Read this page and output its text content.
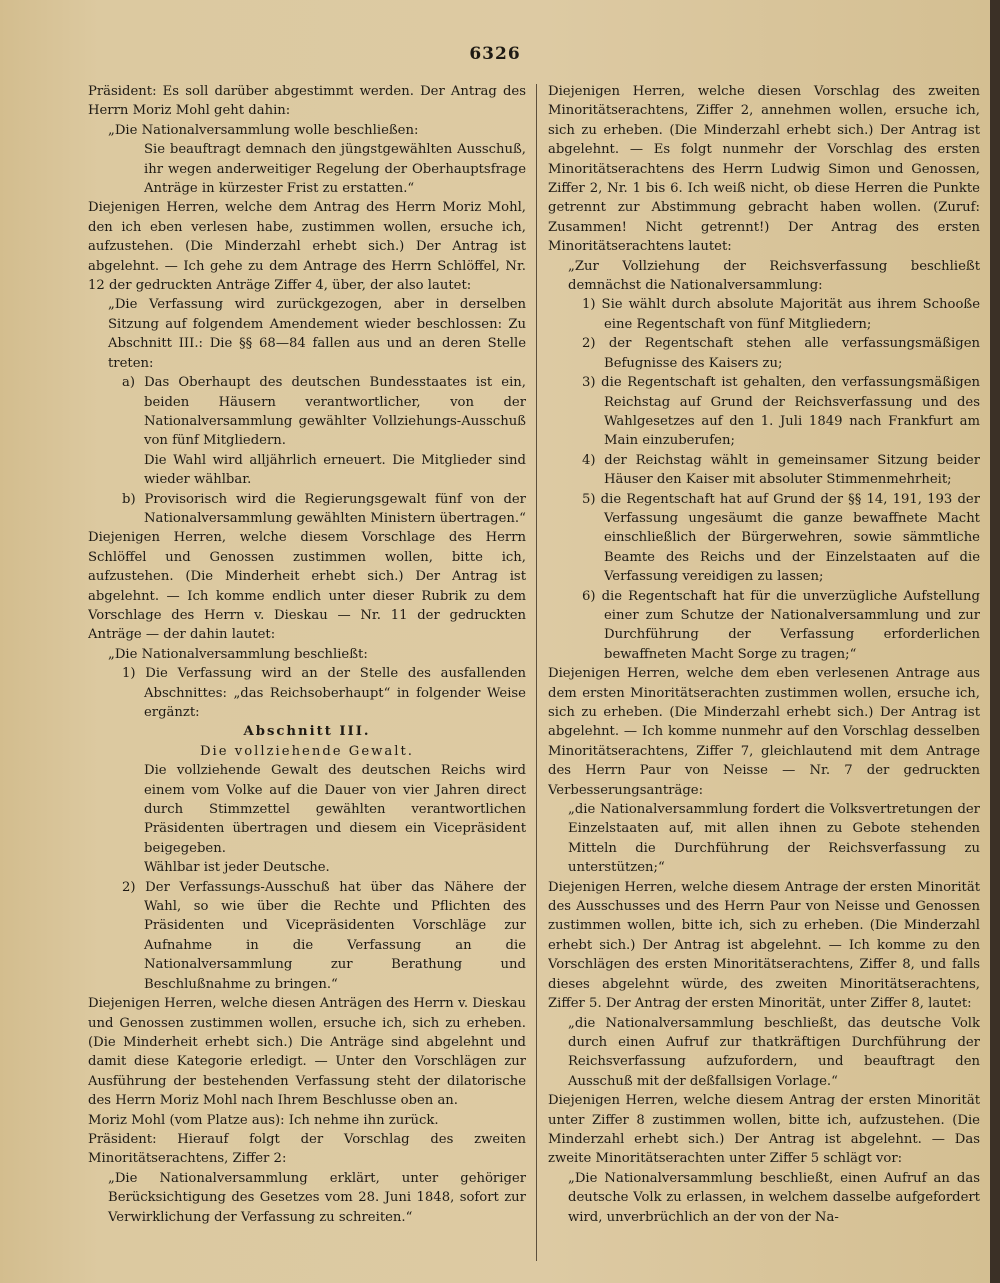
6326

Präsident: Es soll darüber abgestimmt werden. Der Antrag des Herrn Moriz Mohl geht dahin:

„Die Nationalversammlung wolle beschließen:

Sie beauftragt demnach den jüngstgewählten Ausschuß, ihr wegen anderweitiger Regelung der Oberhauptsfrage Anträge in kürzester Frist zu erstatten.“

Diejenigen Herren, welche dem Antrag des Herrn Moriz Mohl, den ich eben verlesen habe, zustimmen wollen, ersuche ich, aufzustehen. (Die Minderzahl erhebt sich.) Der Antrag ist abgelehnt. — Ich gehe zu dem Antrage des Herrn Schlöffel, Nr. 12 der gedruckten Anträge Ziffer 4, über, der also lautet:

„Die Verfassung wird zurückgezogen, aber in derselben Sitzung auf folgendem Amendement wieder beschlossen: Zu Abschnitt III.: Die §§ 68—84 fallen aus und an deren Stelle treten:

a) Das Oberhaupt des deutschen Bundesstaates ist ein, beiden Häusern verantwortlicher, von der Nationalversammlung gewählter Vollziehungs-Ausschuß von fünf Mitgliedern.

Die Wahl wird alljährlich erneuert. Die Mitglieder sind wieder wählbar.

b) Provisorisch wird die Regierungsgewalt fünf von der Nationalversammlung gewählten Ministern übertragen.“

Diejenigen Herren, welche diesem Vorschlage des Herrn Schlöffel und Genossen zustimmen wollen, bitte ich, aufzustehen. (Die Minderheit erhebt sich.) Der Antrag ist abgelehnt. — Ich komme endlich unter dieser Rubrik zu dem Vorschlage des Herrn v. Dieskau — Nr. 11 der gedruckten Anträge — der dahin lautet:

„Die Nationalversammlung beschließt:

1) Die Verfassung wird an der Stelle des ausfallenden Abschnittes: „das Reichsoberhaupt“ in folgender Weise ergänzt:

Abschnitt III.

Die vollziehende Gewalt.

Die vollziehende Gewalt des deutschen Reichs wird einem vom Volke auf die Dauer von vier Jahren direct durch Stimmzettel gewählten verantwortlichen Präsidenten übertragen und diesem ein Vicepräsident beigegeben.

Wählbar ist jeder Deutsche.

2) Der Verfassungs-Ausschuß hat über das Nähere der Wahl, so wie über die Rechte und Pflichten des Präsidenten und Vicepräsidenten Vorschläge zur Aufnahme in die Verfassung an die Nationalversammlung zur Berathung und Beschlußnahme zu bringen.“

Diejenigen Herren, welche diesen Anträgen des Herrn v. Dieskau und Genossen zustimmen wollen, ersuche ich, sich zu erheben. (Die Minderheit erhebt sich.) Die Anträge sind abgelehnt und damit diese Kategorie erledigt. — Unter den Vorschlägen zur Ausführung der bestehenden Verfassung steht der dilatorische des Herrn Moriz Mohl nach Ihrem Beschlusse oben an.

Moriz Mohl (vom Platze aus): Ich nehme ihn zurück.

Präsident: Hierauf folgt der Vorschlag des zweiten Minoritätserachtens, Ziffer 2:

„Die Nationalversammlung erklärt, unter gehöriger Berücksichtigung des Gesetzes vom 28. Juni 1848, sofort zur Verwirklichung der Verfassung zu schreiten.“

Diejenigen Herren, welche diesen Vorschlag des zweiten Minoritätserachtens, Ziffer 2, annehmen wollen, ersuche ich, sich zu erheben. (Die Minderzahl erhebt sich.) Der Antrag ist abgelehnt. — Es folgt nunmehr der Vorschlag des ersten Minoritätserachtens des Herrn Ludwig Simon und Genossen, Ziffer 2, Nr. 1 bis 6. Ich weiß nicht, ob diese Herren die Punkte getrennt zur Abstimmung gebracht haben wollen. (Zuruf: Zusammen! Nicht getrennt!) Der Antrag des ersten Minoritätserachtens lautet:

„Zur Vollziehung der Reichsverfassung beschließt demnächst die Nationalversammlung:

1) Sie wählt durch absolute Majorität aus ihrem Schooße eine Regentschaft von fünf Mitgliedern;

2) der Regentschaft stehen alle verfassungsmäßigen Befugnisse des Kaisers zu;

3) die Regentschaft ist gehalten, den verfassungsmäßigen Reichstag auf Grund der Reichsverfassung und des Wahlgesetzes auf den 1. Juli 1849 nach Frankfurt am Main einzuberufen;

4) der Reichstag wählt in gemeinsamer Sitzung beider Häuser den Kaiser mit absoluter Stimmenmehrheit;

5) die Regentschaft hat auf Grund der §§ 14, 191, 193 der Verfassung ungesäumt die ganze bewaffnete Macht einschließlich der Bürgerwehren, sowie sämmtliche Beamte des Reichs und der Einzelstaaten auf die Verfassung vereidigen zu lassen;

6) die Regentschaft hat für die unverzügliche Aufstellung einer zum Schutze der Nationalversammlung und zur Durchführung der Verfassung erforderlichen bewaffneten Macht Sorge zu tragen;“

Diejenigen Herren, welche dem eben verlesenen Antrage aus dem ersten Minoritätserachten zustimmen wollen, ersuche ich, sich zu erheben. (Die Minderzahl erhebt sich.) Der Antrag ist abgelehnt. — Ich komme nunmehr auf den Vorschlag desselben Minoritätserachtens, Ziffer 7, gleichlautend mit dem Antrage des Herrn Paur von Neisse — Nr. 7 der gedruckten Verbesserungsanträge:

„die Nationalversammlung fordert die Volksvertretungen der Einzelstaaten auf, mit allen ihnen zu Gebote stehenden Mitteln die Durchführung der Reichsverfassung zu unterstützen;“

Diejenigen Herren, welche diesem Antrage der ersten Minorität des Ausschusses und des Herrn Paur von Neisse und Genossen zustimmen wollen, bitte ich, sich zu erheben. (Die Minderzahl erhebt sich.) Der Antrag ist abgelehnt. — Ich komme zu den Vorschlägen des ersten Minoritätserachtens, Ziffer 8, und falls dieses abgelehnt würde, des zweiten Minoritätserachtens, Ziffer 5. Der Antrag der ersten Minorität, unter Ziffer 8, lautet:

„die Nationalversammlung beschließt, das deutsche Volk durch einen Aufruf zur thatkräftigen Durchführung der Reichsverfassung aufzufordern, und beauftragt den Ausschuß mit der deßfallsigen Vorlage.“

Diejenigen Herren, welche diesem Antrag der ersten Minorität unter Ziffer 8 zustimmen wollen, bitte ich, aufzustehen. (Die Minderzahl erhebt sich.) Der Antrag ist abgelehnt. — Das zweite Minoritätserachten unter Ziffer 5 schlägt vor:

„Die Nationalversammlung beschließt, einen Aufruf an das deutsche Volk zu erlassen, in welchem dasselbe aufgefordert wird, unverbrüchlich an der von der Na-
